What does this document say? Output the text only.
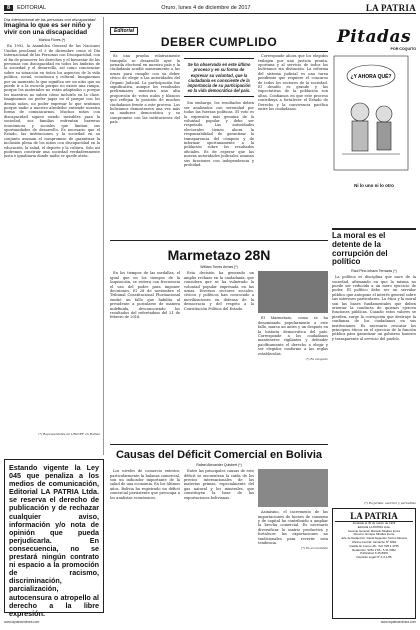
8	EDITORIAL	Oruro, lunes 4 de diciembre de 2017	LA PATRIA
Día internacional de las personas con discapacidad
Imagina lo que es ser niño y vivir con una discapacidad
Mónica Flores (*)

En 1992, la Asamblea General de las Naciones Unidas proclamó el 3 de diciembre como el Día Internacional de las Personas con Discapacidad, con el fin de promover los derechos y el bienestar de las personas con discapacidad en todos los ámbitos de la sociedad y el desarrollo, así como concienciar sobre su situación en todos los aspectos de la vida política, social, económica y cultural. Imaginemos por un momento lo que significa ser un niño que no puede ir a la escuela porque no existe una rampa, porque los materiales no están adaptados o porque los maestros no saben cómo incluirlo en la clase. Imaginemos no poder jugar en el parque con los demás niños, no poder expresar lo que sentimos porque nadie a nuestro alrededor entiende nuestra forma de comunicarnos. Muchos niños con discapacidad siguen siendo invisibles para la sociedad, sus familias enfrentan barreras económicas y sociales que limitan sus oportunidades de desarrollo. Es necesario que el Estado, las instituciones y la sociedad en su conjunto asuman el compromiso de garantizar la inclusión plena de los niños con discapacidad en la educación, la salud, el deporte y la cultura. Solo así podremos construir una sociedad verdaderamente justa e igualitaria donde nadie se quede atrás.

(*) Representante de UNICEF en Bolivia
Editorial
DEBER CUMPLIDO

Es una prueba relativamente tranquila se desarrolló ayer la jornada electoral en nuestro país y la ciudadanía acudió masivamente a las urnas para cumplir con su deber cívico de elegir a las autoridades del Órgano Judicial. La participación fue significativa, aunque los resultados preliminares muestran una alta proporción de votos nulos y blancos que reflejan la posición de muchos ciudadanos frente a este proceso. Los bolivianos demostraron una vez más su madurez democrática y su compromiso con las instituciones del país.

Se ha observado en este último proceso y en su forma de expresar su voluntad, que la ciudadanía es consciente de la importancia de su participación en la vida democrática del país.

Sin embargo, los resultados deben ser analizados con serenidad por todas las fuerzas políticas. El voto es la expresión más genuina de la voluntad popular y debe ser respetado. Las autoridades electorales tienen ahora la responsabilidad de garantizar la transparencia del cómputo y de informar oportunamente a la población sobre los resultados oficiales. Es de esperar que las nuevas autoridades judiciales asuman sus funciones con independencia y probidad.

Corresponde ahora que los elegidos trabajen por una justicia pronta, oportuna y al servicio de todos los bolivianos sin distinción. La reforma del sistema judicial es una tarea pendiente que requiere el concurso de todos los sectores de la sociedad. El desafío es grande y las expectativas de la población son altas. Confiamos en que este proceso contribuya a fortalecer el Estado de Derecho y la convivencia pacífica entre los ciudadanos.

Pitadas
POR COQUITO
¿Y AHORA QUÉ?
Ni lo uno ni lo otro
La moral es el detente de la corrupción del político
Raúl Pino-Ichazo Terrazas (*)

La política es disciplina que nace de la sociedad, afirmando en que la misma no puede ser reducida a un mero ejercicio de poder. El político debe ser un servidor público que antepone el interés general sobre sus intereses particulares. La ética y la moral son las bases fundamentales que deben orientar la conducta de quienes ejercen funciones públicas. Cuando estos valores se pierden, surge la corrupción que destruye la confianza de los ciudadanos en sus instituciones. Es necesario rescatar los principios éticos en el ejercicio de la función pública para garantizar un gobierno honesto y transparente al servicio del pueblo.

(*) Es jurista, escritor y periodista
Marmetazo 28N
William Torres Armas (*)

En los tiempos de las medallas, el igual que en los tiempos de la Inquisición, se reitera con frecuencia el uso del poder para imponer decisiones. El 28 de noviembre el Tribunal Constitucional Plurinacional emitió un fallo que habilita al presidente a postularse de manera indefinida, desconociendo los resultados del referéndum del 21 de febrero de 2016.

Esta decisión ha generado un amplio rechazo en la ciudadanía, que considera que se ha vulnerado la voluntad popular expresada en las urnas. Diversos sectores sociales, cívicos y políticos han convocado a movilizaciones en defensa de la democracia y del respeto a la Constitución Política del Estado.

El Marmetazo, como se ha denominado popularmente a este fallo, marca un antes y un después en la historia democrática del país. Corresponde a los ciudadanos mantenerse vigilantes y defender pacíficamente el derecho a elegir y ser elegidos conforme a las reglas establecidas.

(*) Es abogado
Estando vigente la Ley 045 que penaliza a los medios de comunicación, Editorial LA PATRIA Ltda. se reserva el derecho de publicación y de rechazar cualquier aviso, información y/o nota de opinión que pueda perjudicarla. En consecuencia, no se prestará ningún contrato ni espacio a la promoción de racismo, discriminación, parcialización, autocensura o atropello al derecho a la libre expresión.
Causas del Déficit Comercial en Bolivia
Rafael Alexander Quisbert (*)

Los niveles de comercio exterior, particularmente la balanza comercial, son un indicador importante de la salud de una economía. En los últimos años, Bolivia ha registrado un déficit comercial persistente que preocupa a los analistas económicos.

Entre las principales causas de este déficit se encuentran la caída de los precios internacionales de las materias primas, especialmente del gas natural y los minerales, que constituyen la base de las exportaciones bolivianas.

Asimismo, el incremento de las importaciones de bienes de consumo y de capital ha contribuido a ampliar la brecha comercial. Es necesario diversificar la matriz productiva y fortalecer las exportaciones no tradicionales para revertir esta tendencia.

(*) Es economista
LA PATRIA
Fundado el 30 de marzo de 1919
Editorial LA PATRIA Ltda.
Gerente General: Marcelo Miralles Iporre
Director: Enrique Miralles Iporre
Jefe de Redacción: David Alejandro Torrico Moreira
Oficina Central: Camacho Nº 1892
Casilla de Correo 48 - Telf. 525 1 4795
Redacción: 5251 2 55 - 5 21 0062
Publicidad: 5 25 8009
Depósito Legal Nº 4-3-1-85
www.lapatriaenlinea.com	www.lapatriaenlinea.com
